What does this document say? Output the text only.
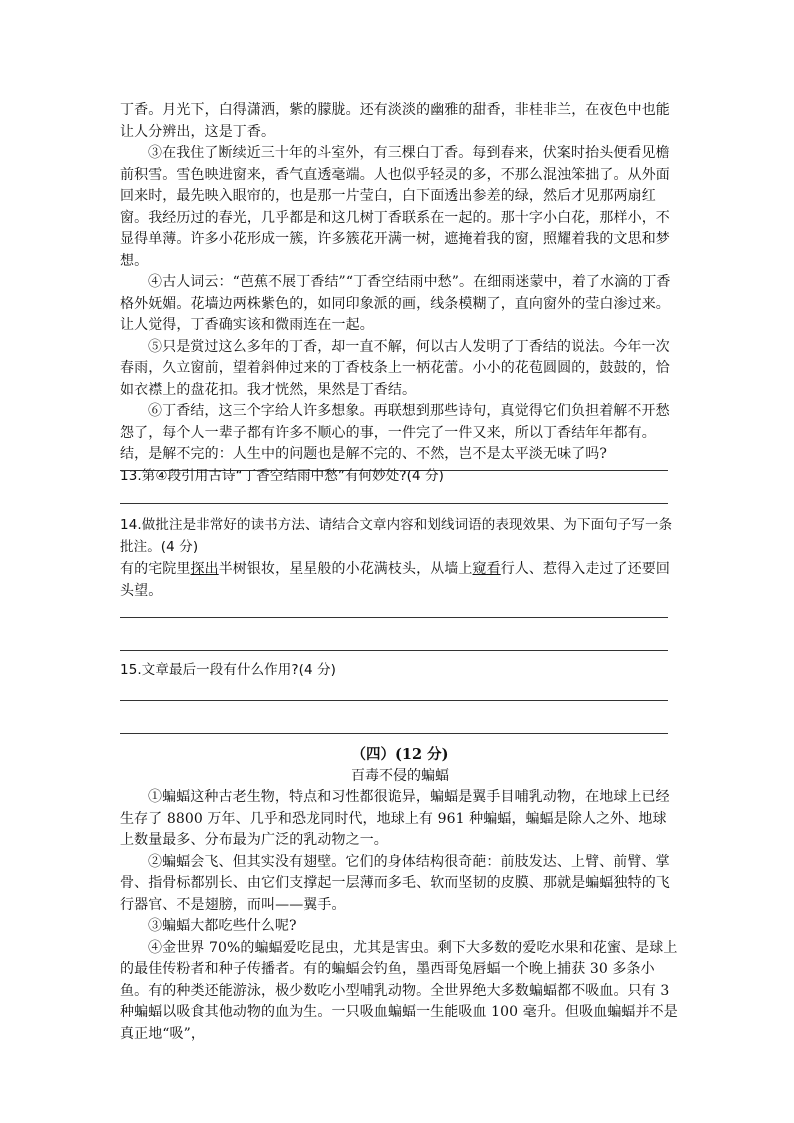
丁香。月光下，白得潇洒，紫的朦胧。还有淡淡的幽雅的甜香，非桂非兰，在夜色中也能让人分辨出，这是丁香。

③在我住了断续近三十年的斗室外，有三棵白丁香。每到春来，伏案时抬头便看见檐前积雪。雪色映进窗来，香气直透毫端。人也似乎轻灵的多，不那么混浊笨拙了。从外面回来时，最先映入眼帘的，也是那一片莹白，白下面透出参差的绿，然后才见那两扇红窗。我经历过的春光，几乎都是和这几树丁香联系在一起的。那十字小白花，那样小，不显得单薄。许多小花形成一簇，许多簇花开满一树，遮掩着我的窗，照耀着我的文思和梦想。

④古人词云：“芭蕉不展丁香结”“丁香空结雨中愁”。在细雨迷蒙中，着了水滴的丁香格外妩媚。花墙边两株紫色的，如同印象派的画，线条模糊了，直向窗外的莹白渗过来。让人觉得，丁香确实该和微雨连在一起。

⑤只是赏过这么多年的丁香，却一直不解，何以古人发明了丁香结的说法。今年一次春雨，久立窗前，望着斜伸过来的丁香枝条上一柄花蕾。小小的花苞圆圆的，鼓鼓的，恰如衣襟上的盘花扣。我才恍然，果然是丁香结。

⑥丁香结，这三个字给人许多想象。再联想到那些诗句，真觉得它们负担着解不开愁怨了，每个人一辈子都有许多不顺心的事，一件完了一件又来，所以丁香结年年都有。结，是解不完的：人生中的问题也是解不完的、不然，岂不是太平淡无味了吗?

13.第④段引用古诗“丁香空结雨中愁”有何妙处?(4 分)

14.做批注是非常好的读书方法、请结合文章内容和划线词语的表现效果、为下面句子写一条批注。(4 分)

有的宅院里探出半树银妆，星星般的小花满枝头，从墙上窥看行人、惹得入走过了还要回头望。

15.文章最后一段有什么作用?(4 分)

（四）(12 分)
百毒不侵的蝙蝠

①蝙蝠这种古老生物，特点和习性都很诡异，蝙蝠是翼手目哺乳动物，在地球上已经生存了 8800 万年、几乎和恐龙同时代，地球上有 961 种蝙蝠，蝙蝠是除人之外、地球上数量最多、分布最为广泛的乳动物之一。

②蝙蝠会飞、但其实没有翅壁。它们的身体结构很奇葩：前肢发达、上臂、前臂、掌骨、指骨标都别长、由它们支撑起一层薄而多毛、软而坚韧的皮膜、那就是蝙蝠独特的飞行器官、不是翅膀，而叫——翼手。

③蝙蝠大都吃些什么呢?

④金世界 70%的蝙蝠爱吃昆虫，尤其是害虫。剩下大多数的爱吃水果和花蜜、是球上的最佳传粉者和种子传播者。有的蝙蝠会钓鱼，墨西哥兔唇蝠一个晚上捕获 30 多条小鱼。有的种类还能游泳，极少数吃小型哺乳动物。全世界绝大多数蝙蝠都不吸血。只有 3 种蝙蝠以吸食其他动物的血为生。一只吸血蝙蝠一生能吸血 100 毫升。但吸血蝙蝠并不是真正地“吸”，
